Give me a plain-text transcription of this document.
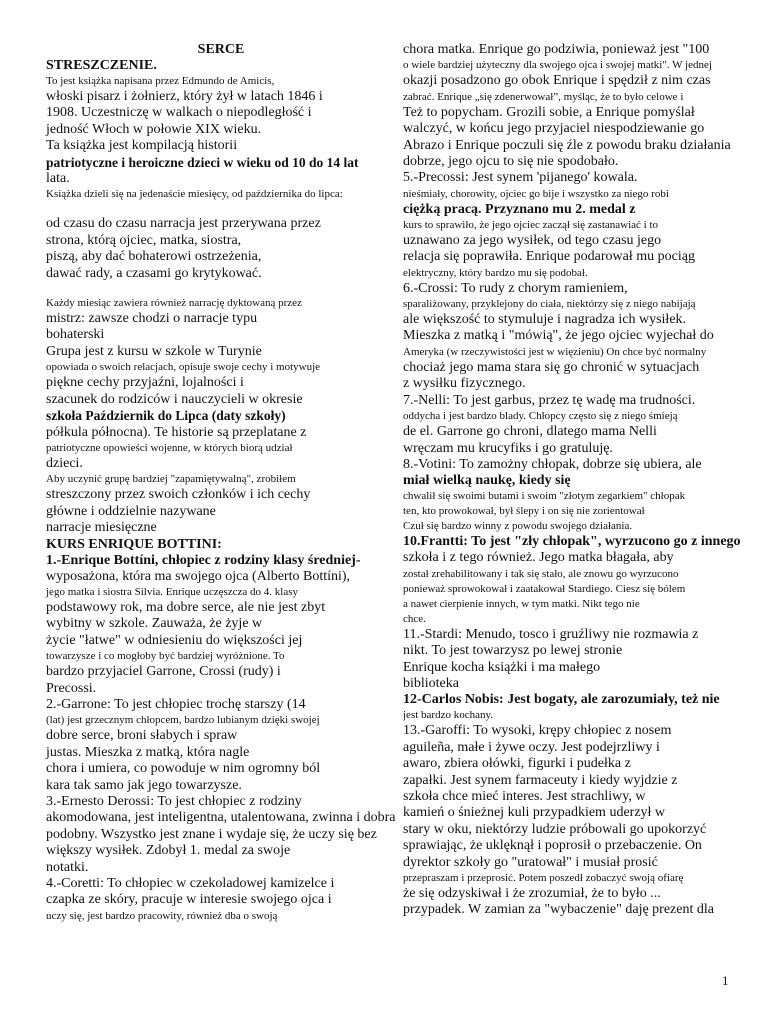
SERCE
STRESZCZENIE.
To jest książka napisana przez Edmundo de Amicis,
włoski pisarz i żołnierz, który żył w latach 1846 i
1908. Uczestniczę w walkach o niepodległość i
jedność Włoch w połowie XIX wieku.
Ta książka jest kompilacją historii
patriotyczne i heroiczne dzieci w wieku od 10 do 14 lat
lata.
Książka dzieli się na jedenaście miesięcy, od października do lipca:
od czasu do czasu narracja jest przerywana przez
strona, którą ojciec, matka, siostra,
piszą, aby dać bohaterowi ostrzeżenia,
dawać rady, a czasami go krytykować.
Każdy miesiąc zawiera również narrację dyktowaną przez
mistrz: zawsze chodzi o narracje typu
bohaterski
Grupa jest z kursu w szkole w Turynie
opowiada o swoich relacjach, opisuje swoje cechy i motywuje
piękne cechy przyjaźni, lojalności i
szacunek do rodziców i nauczycieli w okresie
szkoła Październik do Lipca (daty szkoły)
półkula północna). Te historie są przeplatane z
patriotyczne opowieści wojenne, w których biorą udział
dzieci.
Aby uczynić grupę bardziej "zapamiętywalną", zrobiłem
streszczony przez swoich członków i ich cechy
główne i oddzielnie nazywane
narracje miesięczne
KURS ENRIQUE BOTTINI:
1.-Enrique Bottíni, chłopiec z rodziny klasy średniej-
wyposażona, która ma swojego ojca (Alberto Bottíni),
jego matka i siostra Silvia. Enrique uczęszcza do 4. klasy
podstawowy rok, ma dobre serce, ale nie jest zbyt
wybitny w szkole. Zauważa, że żyje w
życie "łatwe" w odniesieniu do większości jej
towarzysze i co mogłoby być bardziej wyróżnione. To
bardzo przyjaciel Garrone, Crossi (rudy) i
Precossi.
2.-Garrone: To jest chłopiec trochę starszy (14
(lat) jest grzecznym chłopcem, bardzo lubianym dzięki swojej
dobre serce, broni słabych i spraw
justas. Mieszka z matką, która nagle
chora i umiera, co powoduje w nim ogromny ból
kara tak samo jak jego towarzysze.
3.-Ernesto Derossi: To jest chłopiec z rodziny
akomodowana, jest inteligentna, utalentowana, zwinna i dobra
podobny. Wszystko jest znane i wydaje się, że uczy się bez
większy wysiłek. Zdobył 1. medal za swoje
notatki.
4.-Coretti: To chłopiec w czekoladowej kamizelce i
czapka ze skóry, pracuje w interesie swojego ojca i
uczy się, jest bardzo pracowity, również dba o swoją
chora matka. Enrique go podziwia, ponieważ jest "100
o wiele bardziej użyteczny dla swojego ojca i swojej matki". W jednej
okazji posadzono go obok Enrique i spędził z nim czas
zabrać. Enrique „się zdenerwował”, myśląc, że to było celowe i
Też to popycham. Grozili sobie, a Enrique pomyślał
walczyć, w końcu jego przyjaciel niespodziewanie go
Abrazo i Enrique poczuli się źle z powodu braku działania
dobrze, jego ojcu to się nie spodobało.
5.-Precossi: Jest synem 'pijanego' kowala.
nieśmiały, chorowity, ojciec go bije i wszystko za niego robi
ciężką pracą. Przyznano mu 2. medal z
kurs to sprawiło, że jego ojciec zaczął się zastanawiać i to
uznawano za jego wysiłek, od tego czasu jego
relacja się poprawiła. Enrique podarował mu pociąg
elektryczny, który bardzo mu się podobał.
6.-Crossi: To rudy z chorym ramieniem,
sparaliżowany, przyklejony do ciała, niektórzy się z niego nabijają
ale większość to stymuluje i nagradza ich wysiłek.
Mieszka z matką i "mówią", że jego ojciec wyjechał do
Ameryka (w rzeczywistości jest w więzieniu) On chce być normalny
chociaż jego mama stara się go chronić w sytuacjach
z wysiłku fizycznego.
7.-Nelli: To jest garbus, przez tę wadę ma trudności.
oddycha i jest bardzo blady. Chłopcy często się z niego śmieją
de el. Garrone go chroni, dlatego mama Nelli
wręczam mu krucyfiks i go gratuluję.
8.-Votini: To zamożny chłopak, dobrze się ubiera, ale
miał wielką naukę, kiedy się
chwalił się swoimi butami i swoim "złotym zegarkiem" chłopak
ten, kto prowokował, był ślepy i on się nie zorientował
Czuł się bardzo winny z powodu swojego działania.
10.Frantti: To jest "zły chłopak", wyrzucono go z innego
szkoła i z tego również. Jego matka błagała, aby
został zrehabilitowany i tak się stało, ale znowu go wyrzucono
ponieważ sprowokował i zaatakował Stardiego. Ciesz się bólem
a nawet cierpienie innych, w tym matki. Nikt tego nie
chce.
11.-Stardi: Menudo, tosco i gruźliwy nie rozmawia z
nikt. To jest towarzysz po lewej stronie
Enrique kocha książki i ma małego
biblioteka
12-Carlos Nobis: Jest bogaty, ale zarozumiały, też nie
jest bardzo kochany.
13.-Garoffi: To wysoki, krępy chłopiec z nosem
aguileña, małe i żywe oczy. Jest podejrzliwy i
awaro, zbiera ołówki, figurki i pudełka z
zapałki. Jest synem farmaceuty i kiedy wyjdzie z
szkoła chce mieć interes. Jest strachliwy, w
kamień o śnieżnej kuli przypadkiem uderzył w
stary w oku, niektórzy ludzie próbowali go upokorzyć
sprawiając, że uklęknął i poprosił o przebaczenie. On
dyrektor szkoły go "uratował" i musiał prosić
przepraszam i przeprosić. Potem poszedł zobaczyć swoją ofiarę
że się odzyskiwał i że zrozumiał, że to było ...
przypadek. W zamian za "wybaczenie" daję prezent dla
1
